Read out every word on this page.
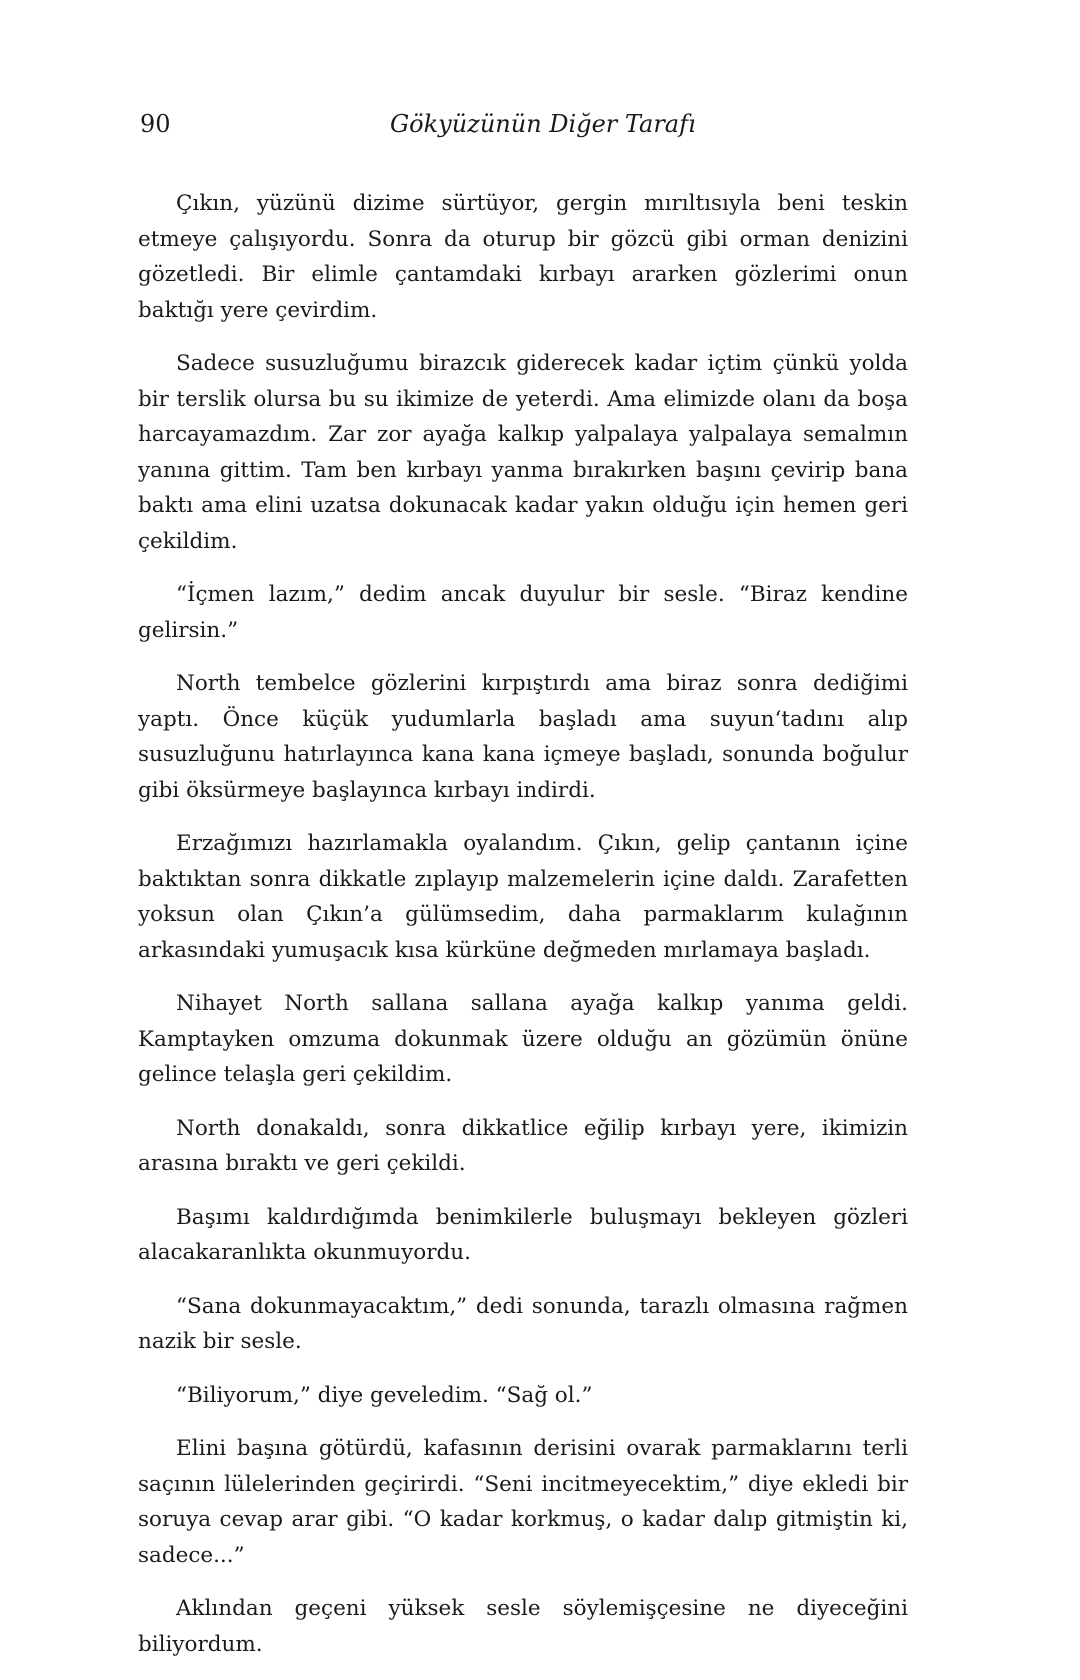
90	Gökyüzünün Diğer Tarafı

Çıkın, yüzünü dizime sürtüyor, gergin mırıltısıyla beni teskin etmeye çalışıyordu. Sonra da oturup bir gözcü gibi orman denizini gözetledi. Bir elimle çantamdaki kırbayı ararken gözlerimi onun baktığı yere çevirdim.

Sadece susuzluğumu birazcık giderecek kadar içtim çünkü yolda bir terslik olursa bu su ikimize de yeterdi. Ama elimizde olanı da boşa harcayamazdım. Zar zor ayağa kalkıp yalpalaya yalpalaya semalmın yanına gittim. Tam ben kırbayı yanma bırakırken başını çevirip bana baktı ama elini uzatsa dokunacak kadar yakın olduğu için hemen geri çekildim.

“İçmen lazım,” dedim ancak duyulur bir sesle. “Biraz kendine gelirsin.”

North tembelce gözlerini kırpıştırdı ama biraz sonra dediğimi yaptı. Önce küçük yudumlarla başladı ama suyun‘tadını alıp susuzluğunu hatırlayınca kana kana içmeye başladı, sonunda boğulur gibi öksürmeye başlayınca kırbayı indirdi.

Erzağımızı hazırlamakla oyalandım. Çıkın, gelip çantanın içine baktıktan sonra dikkatle zıplayıp malzemelerin içine daldı. Zarafetten yoksun olan Çıkın’a gülümsedim, daha parmaklarım kulağının arkasındaki yumuşacık kısa kürküne değmeden mırlamaya başladı.

Nihayet North sallana sallana ayağa kalkıp yanıma geldi. Kamptayken omzuma dokunmak üzere olduğu an gözümün önüne gelince telaşla geri çekildim.

North donakaldı, sonra dikkatlice eğilip kırbayı yere, ikimizin arasına bıraktı ve geri çekildi.

Başımı kaldırdığımda benimkilerle buluşmayı bekleyen gözleri alacakaranlıkta okunmuyordu.

“Sana dokunmayacaktım,” dedi sonunda, tarazlı olmasına rağmen nazik bir sesle.

“Biliyorum,” diye geveledim. “Sağ ol.”

Elini başına götürdü, kafasının derisini ovarak parmaklarını terli saçının lülelerinden geçirirdi. “Seni incitmeyecektim,” diye ekledi bir soruya cevap arar gibi. “O kadar korkmuş, o kadar dalıp gitmiştin ki, sadece...”

Aklından geçeni yüksek sesle söylemişçesine ne diyeceğini biliyordum.
